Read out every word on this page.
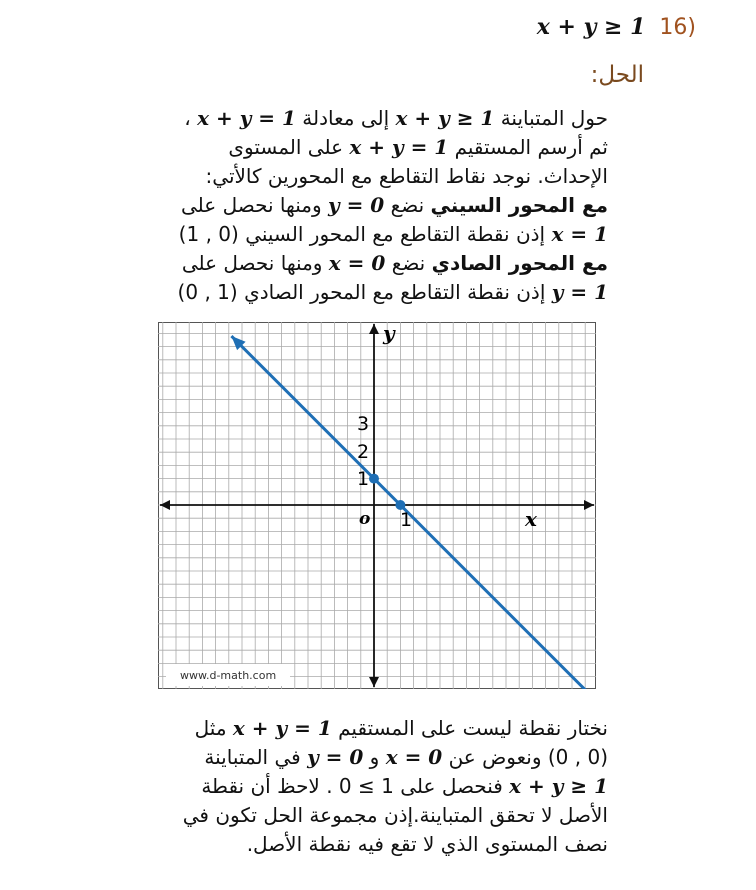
x + y ≥ 1 16)
الحل:
حول المتباينة x + y ≥ 1 إلى معادلة x + y = 1 ،
ثم أرسم المستقيم x + y = 1 على المستوى
الإحداث. نوجد نقاط التقاطع مع المحورين كالأتي:
مع المحور السيني نضع y = 0 ومنها نحصل على
x = 1 إذن نقطة التقاطع مع المحور السيني (0 , 1)
مع المحور الصادي نضع x = 0 ومنها نحصل على
y = 1 إذن نقطة التقاطع مع المحور الصادي (1 , 0)
x
y
o 1
1
2
3
www.d-math.com
نختار نقطة ليست على المستقيم x + y = 1 مثل
(0 , 0) ونعوض عن x = 0 و y = 0 في المتباينة
x + y ≥ 1 فنحصل على 1 ≥ 0 . لاحظ أن نقطة
الأصل لا تحقق المتباينة.إذن مجموعة الحل تكون في
نصف المستوى الذي لا تقع فيه نقطة الأصل.
